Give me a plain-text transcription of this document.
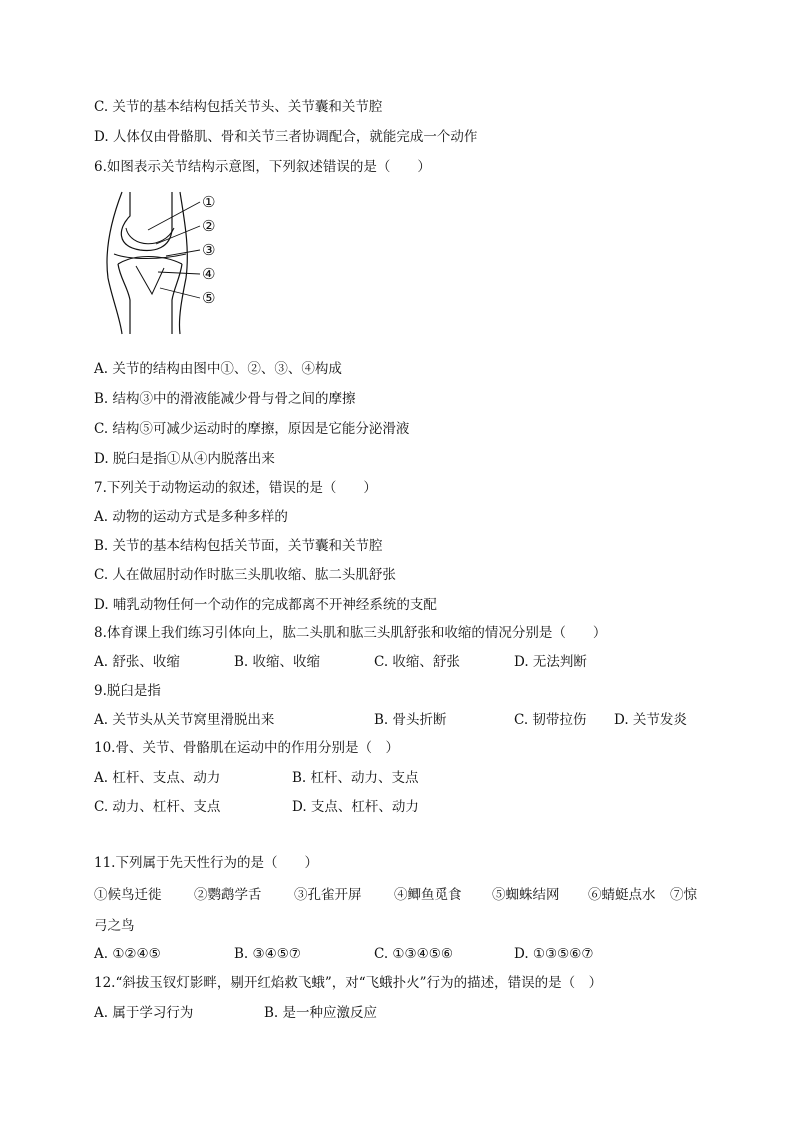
C. 关节的基本结构包括关节头、关节囊和关节腔
D. 人体仅由骨骼肌、骨和关节三者协调配合，就能完成一个动作
6.如图表示关节结构示意图，下列叙述错误的是（　　）
①
②
③
④
⑤
A. 关节的结构由图中①、②、③、④构成
B. 结构③中的滑液能减少骨与骨之间的摩擦
C. 结构⑤可减少运动时的摩擦，原因是它能分泌滑液
D. 脱臼是指①从④内脱落出来
7.下列关于动物运动的叙述，错误的是（　　）
A. 动物的运动方式是多种多样的
B. 关节的基本结构包括关节面，关节囊和关节腔
C. 人在做屈肘动作时肱三头肌收缩、肱二头肌舒张
D. 哺乳动物任何一个动作的完成都离不开神经系统的支配
8.体育课上我们练习引体向上，肱二头肌和肱三头肌舒张和收缩的情况分别是（　　）
A. 舒张、收缩	B. 收缩、收缩	C. 收缩、舒张	D. 无法判断
9.脱臼是指
A. 关节头从关节窝里滑脱出来	B. 骨头折断	C. 韧带拉伤 D. 关节发炎
10.骨、关节、骨骼肌在运动中的作用分别是（　）
A. 杠杆、支点、动力	B. 杠杆、动力、支点
C. 动力、杠杆、支点	D. 支点、杠杆、动力
11.下列属于先天性行为的是（　　）
①候鸟迁徙 ②鹦鹉学舌 ③孔雀开屏 ④鲫鱼觅食 ⑤蜘蛛结网 ⑥蜻蜓点水 ⑦惊
弓之鸟
A. ①②④⑤	B. ③④⑤⑦	C. ①③④⑤⑥	D. ①③⑤⑥⑦
12.“斜拔玉钗灯影畔，剔开红焰救飞蛾”，对“飞蛾扑火”行为的描述，错误的是（　）
A. 属于学习行为	B. 是一种应激反应
